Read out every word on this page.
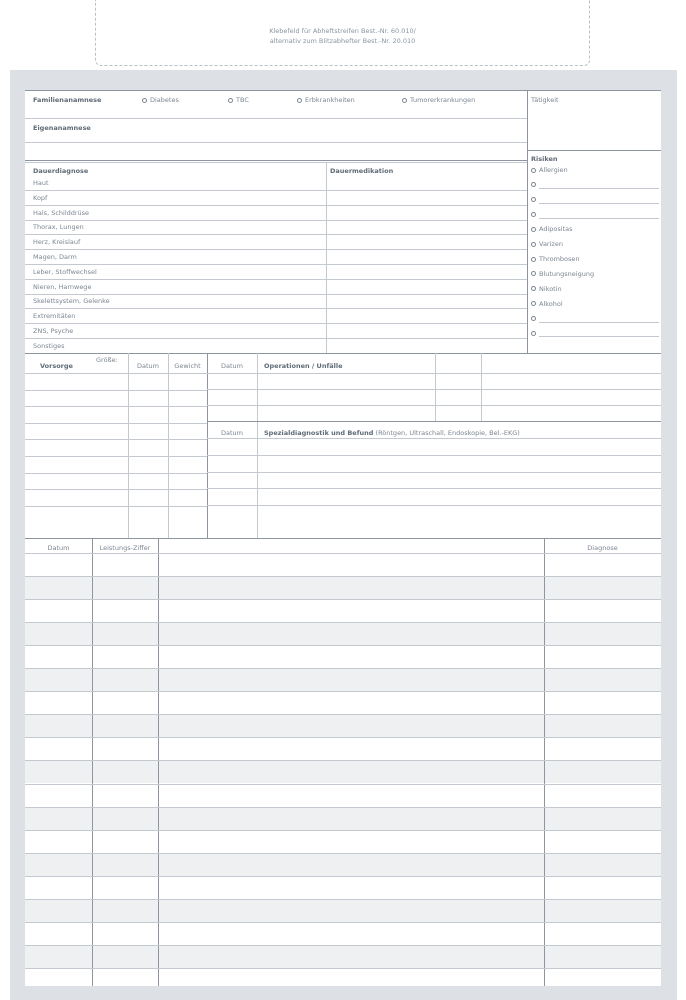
Klebefeld für Abheftstreifen Best.-Nr. 60.010/
alternativ zum Blitzabhefter Best.-Nr. 20.010
Familienanamnese	Diabetes	TBC	Erbkrankheiten	Tumorerkrankungen	Tätigkeit
Eigenanamnese
Dauerdiagnose	Dauermedikation
Risiken
Haut
Kopf
Hals, Schilddrüse
Thorax, Lungen
Herz, Kreislauf
Magen, Darm
Leber, Stoffwechsel
Nieren, Harnwege
Skelettsystem, Gelenke
Extremitäten
ZNS, Psyche
Sonstiges
Allergien
Adipositas
Varizen
Thrombosen
Blutungsneigung
Nikotin
Alkohol
Vorsorge
Größe:
Datum	Gewicht	Datum	Operationen / Unfälle
Datum	Spezialdiagnostik und Befund (Röntgen, Ultraschall, Endoskopie, Bel.-EKG)
Datum	Leistungs-Ziffer	Diagnose
